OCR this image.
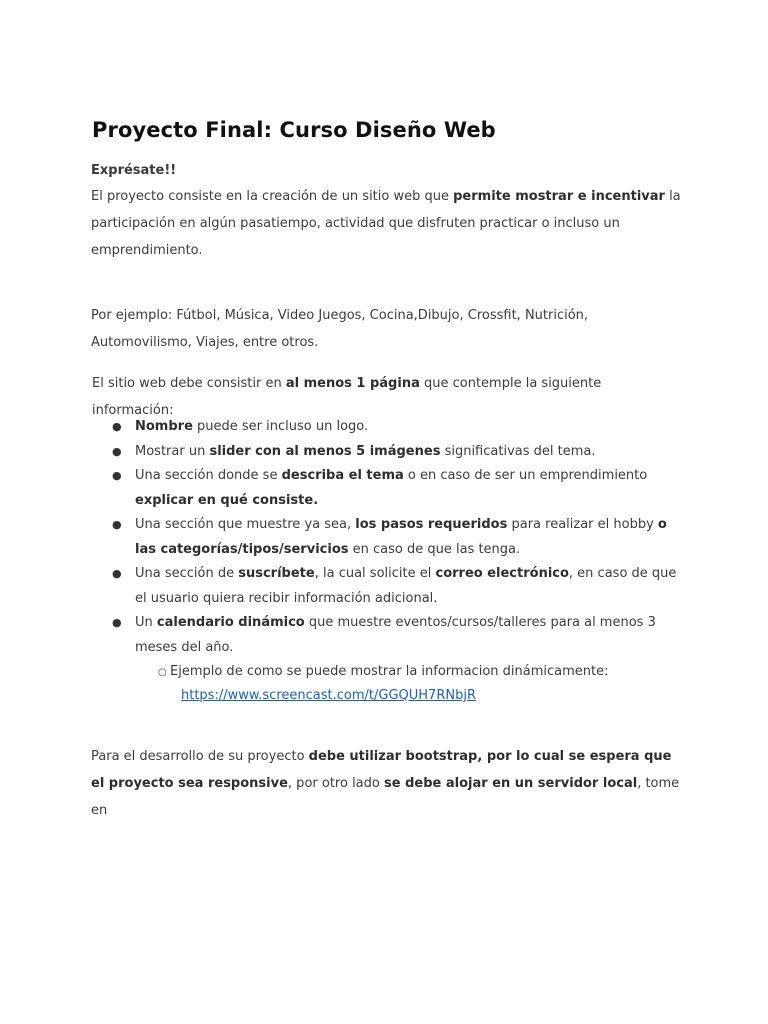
Proyecto Final: Curso Diseño Web
Exprésate!!

El proyecto consiste en la creación de un sitio web que permite mostrar e incentivar la participación en algún pasatiempo, actividad que disfruten practicar o incluso un emprendimiento.

Por ejemplo: Fútbol, Música, Video Juegos, Cocina,Dibujo, Crossfit, Nutrición, Automovilismo, Viajes, entre otros.

El sitio web debe consistir en al menos 1 página que contemple la siguiente información:

● Nombre puede ser incluso un logo.
● Mostrar un slider con al menos 5 imágenes significativas del tema.
● Una sección donde se describa el tema o en caso de ser un emprendimiento explicar en qué consiste.
● Una sección que muestre ya sea, los pasos requeridos para realizar el hobby o las categorías/tipos/servicios en caso de que las tenga.
● Una sección de suscríbete, la cual solicite el correo electrónico, en caso de que el usuario quiera recibir información adicional.
● Un calendario dinámico que muestre eventos/cursos/talleres para al menos 3 meses del año.
○ Ejemplo de como se puede mostrar la informacion dinámicamente:
https://www.screencast.com/t/GGQUH7RNbjR

Para el desarrollo de su proyecto debe utilizar bootstrap, por lo cual se espera que el proyecto sea responsive, por otro lado se debe alojar en un servidor local, tome en
